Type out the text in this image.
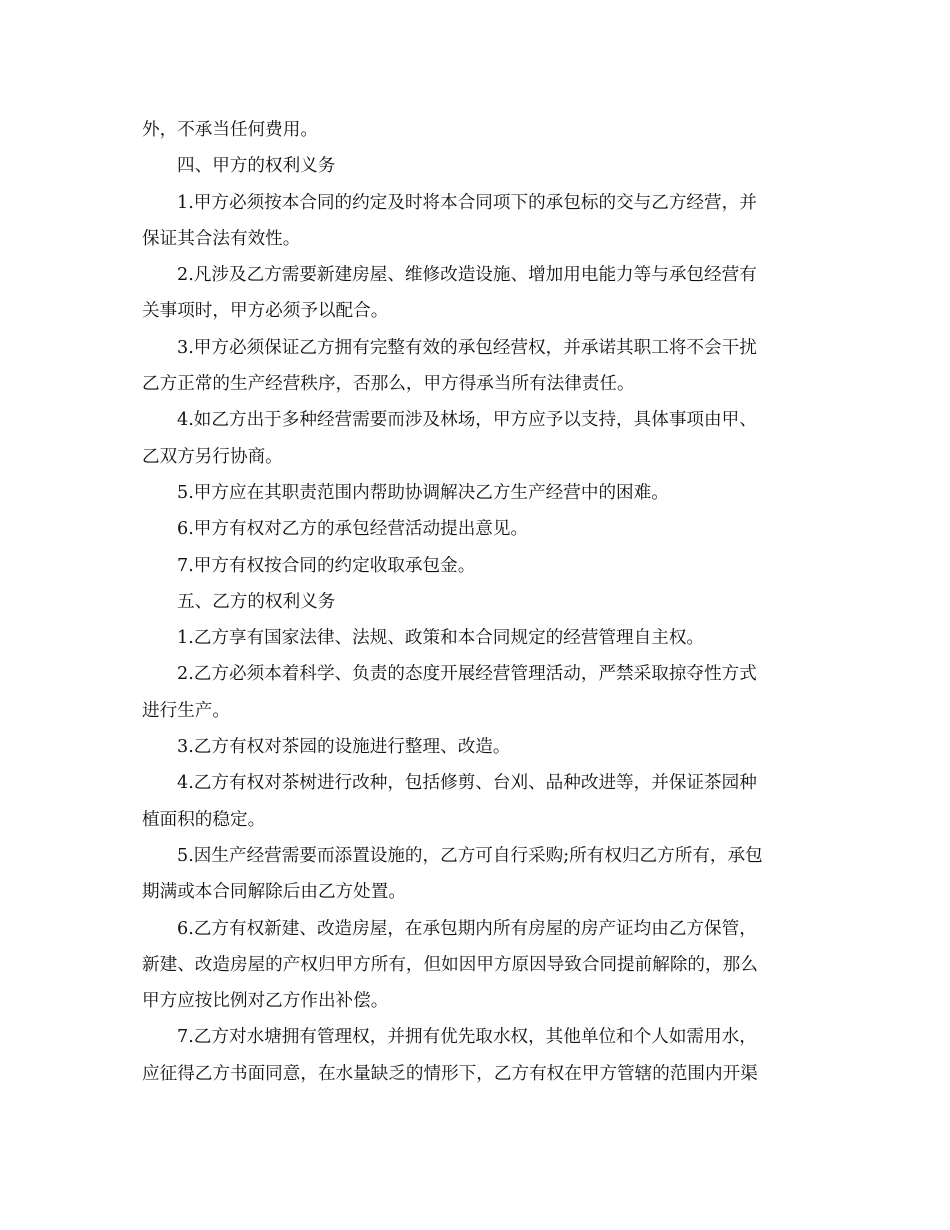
外，不承当任何费用。
四、甲方的权利义务
1.甲方必须按本合同的约定及时将本合同项下的承包标的交与乙方经营，并
保证其合法有效性。
2.凡涉及乙方需要新建房屋、维修改造设施、增加用电能力等与承包经营有
关事项时，甲方必须予以配合。
3.甲方必须保证乙方拥有完整有效的承包经营权，并承诺其职工将不会干扰
乙方正常的生产经营秩序，否那么，甲方得承当所有法律责任。
4.如乙方出于多种经营需要而涉及林场，甲方应予以支持，具体事项由甲、
乙双方另行协商。
5.甲方应在其职责范围内帮助协调解决乙方生产经营中的困难。
6.甲方有权对乙方的承包经营活动提出意见。
7.甲方有权按合同的约定收取承包金。
五、乙方的权利义务
1.乙方享有国家法律、法规、政策和本合同规定的经营管理自主权。
2.乙方必须本着科学、负责的态度开展经营管理活动，严禁采取掠夺性方式
进行生产。
3.乙方有权对茶园的设施进行整理、改造。
4.乙方有权对茶树进行改种，包括修剪、台刈、品种改进等，并保证茶园种
植面积的稳定。
5.因生产经营需要而添置设施的，乙方可自行采购;所有权归乙方所有，承包
期满或本合同解除后由乙方处置。
6.乙方有权新建、改造房屋，在承包期内所有房屋的房产证均由乙方保管，
新建、改造房屋的产权归甲方所有，但如因甲方原因导致合同提前解除的，那么
甲方应按比例对乙方作出补偿。
7.乙方对水塘拥有管理权，并拥有优先取水权，其他单位和个人如需用水，
应征得乙方书面同意，在水量缺乏的情形下，乙方有权在甲方管辖的范围内开渠
